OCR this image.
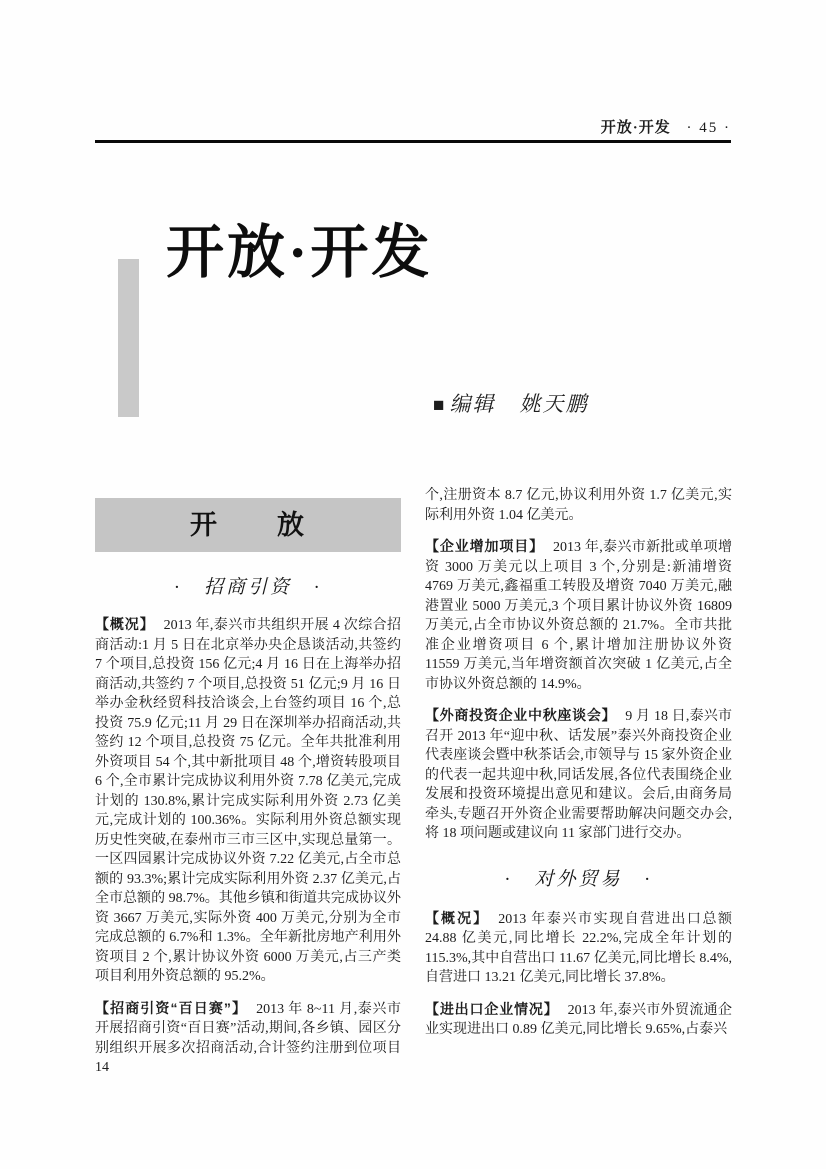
开放·开发 · 45 ·
开放·开发
■ 编辑 姚天鹏
开　　放
·　招商引资　·

【概况】 2013 年,泰兴市共组织开展 4 次综合招商活动:1 月 5 日在北京举办央企恳谈活动,共签约 7 个项目,总投资 156 亿元;4 月 16 日在上海举办招商活动,共签约 7 个项目,总投资 51 亿元;9 月 16 日举办金秋经贸科技洽谈会,上台签约项目 16 个,总投资 75.9 亿元;11 月 29 日在深圳举办招商活动,共签约 12 个项目,总投资 75 亿元。全年共批准利用外资项目 54 个,其中新批项目 48 个,增资转股项目 6 个,全市累计完成协议利用外资 7.78 亿美元,完成计划的 130.8%,累计完成实际利用外资 2.73 亿美元,完成计划的 100.36%。实际利用外资总额实现历史性突破,在泰州市三市三区中,实现总量第一。一区四园累计完成协议外资 7.22 亿美元,占全市总额的 93.3%;累计完成实际利用外资 2.37 亿美元,占全市总额的 98.7%。其他乡镇和街道共完成协议外资 3667 万美元,实际外资 400 万美元,分别为全市完成总额的 6.7%和 1.3%。全年新批房地产利用外资项目 2 个,累计协议外资 6000 万美元,占三产类项目利用外资总额的 95.2%。

【招商引资“百日赛”】 2013 年 8~11 月,泰兴市开展招商引资“百日赛”活动,期间,各乡镇、园区分别组织开展多次招商活动,合计签约注册到位项目 14

个,注册资本 8.7 亿元,协议利用外资 1.7 亿美元,实际利用外资 1.04 亿美元。

【企业增加项目】 2013 年,泰兴市新批或单项增资 3000 万美元以上项目 3 个,分别是:新浦增资 4769 万美元,鑫福重工转股及增资 7040 万美元,融港置业 5000 万美元,3 个项目累计协议外资 16809 万美元,占全市协议外资总额的 21.7%。全市共批准企业增资项目 6 个,累计增加注册协议外资 11559 万美元,当年增资额首次突破 1 亿美元,占全市协议外资总额的 14.9%。

【外商投资企业中秋座谈会】 9 月 18 日,泰兴市召开 2013 年“迎中秋、话发展”泰兴外商投资企业代表座谈会暨中秋茶话会,市领导与 15 家外资企业的代表一起共迎中秋,同话发展,各位代表围绕企业发展和投资环境提出意见和建议。会后,由商务局牵头,专题召开外资企业需要帮助解决问题交办会,将 18 项问题或建议向 11 家部门进行交办。

·　对外贸易　·

【概况】 2013 年泰兴市实现自营进出口总额 24.88 亿美元,同比增长 22.2%,完成全年计划的 115.3%,其中自营出口 11.67 亿美元,同比增长 8.4%,自营进口 13.21 亿美元,同比增长 37.8%。

【进出口企业情况】 2013 年,泰兴市外贸流通企业实现进出口 0.89 亿美元,同比增长 9.65%,占泰兴
